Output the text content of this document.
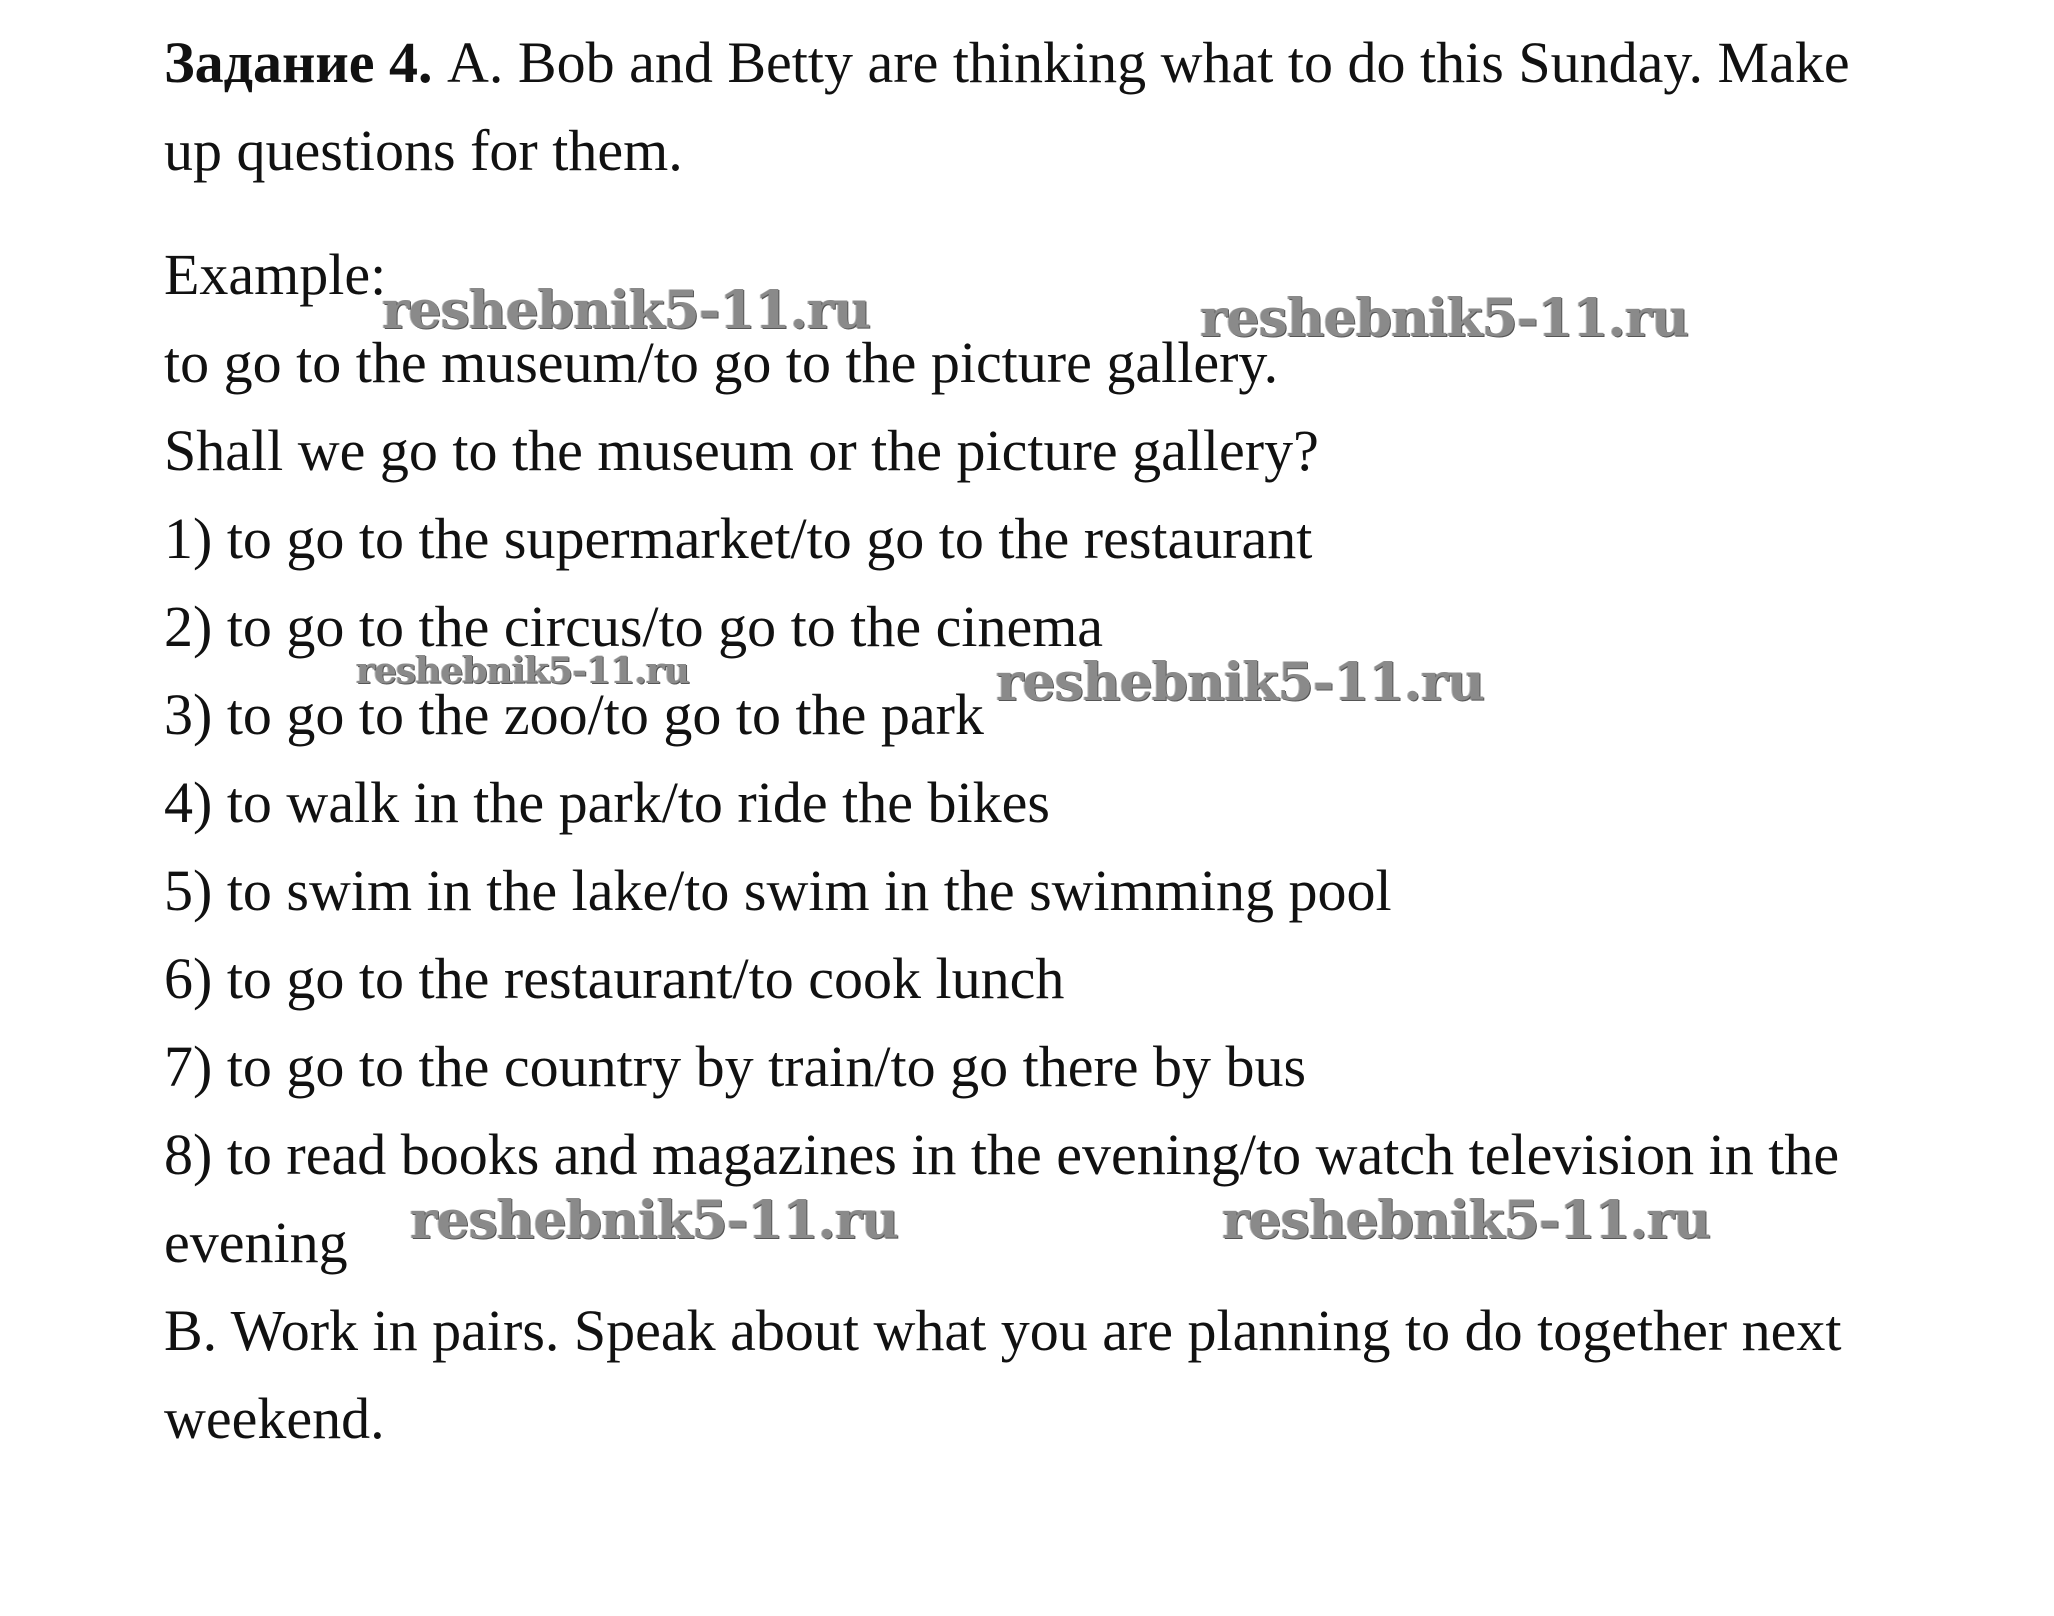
Задание 4. A. Bob and Betty are thinking what to do this Sunday. Make
up questions for them.
Example:
to go to the museum/to go to the picture gallery.
Shall we go to the museum or the picture gallery?
1) to go to the supermarket/to go to the restaurant
2) to go to the circus/to go to the cinema
3) to go to the zoo/to go to the park
4) to walk in the park/to ride the bikes
5) to swim in the lake/to swim in the swimming pool
6) to go to the restaurant/to cook lunch
7) to go to the country by train/to go there by bus
8) to read books and magazines in the evening/to watch television in the
evening
B. Work in pairs. Speak about what you are planning to do together next
weekend.
reshebnik5-11.ru	reshebnik5-11.ru
reshebnik5-11.ru	reshebnik5-11.ru
reshebnik5-11.ru	reshebnik5-11.ru
